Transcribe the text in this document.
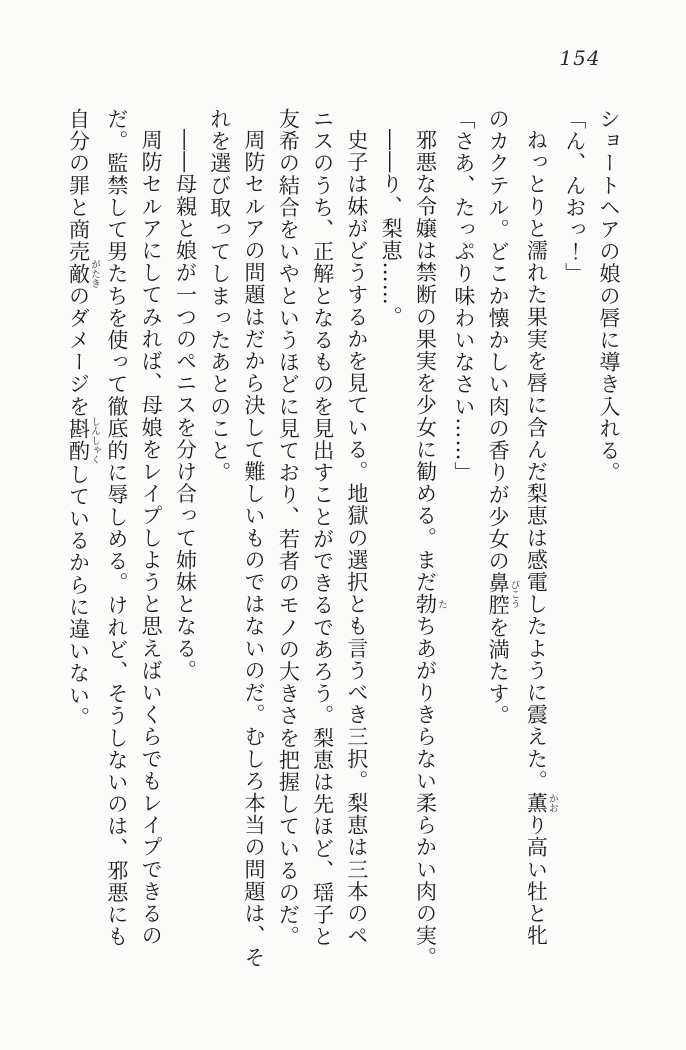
154
ショートヘアの娘の唇に導き入れる。
「ん、んおっ！」
ねっとりと濡れた果実を唇に含んだ梨恵は感電したように震えた。薫かおり高い牡と牝
のカクテル。どこか懐かしい肉の香りが少女の鼻腔びこうを満たす。
「さあ、たっぷり味わいなさい……」
邪悪な令嬢は禁断の果実を少女に勧める。まだ勃たちあがりきらない柔らかい肉の実。
――り、梨恵……。
史子は妹がどうするかを見ている。地獄の選択とも言うべき三択。梨恵は三本のペ
ニスのうち、正解となるものを見出すことができるであろう。梨恵は先ほど、瑶子と
友希の結合をいやというほどに見ており、若者のモノの大きさを把握しているのだ。
周防セルアの問題はだから決して難しいものではないのだ。むしろ本当の問題は、そ
れを選び取ってしまったあとのこと。
――母親と娘が一つのペニスを分け合って姉妹となる。
周防セルアにしてみれば、母娘をレイプしようと思えばいくらでもレイプできるの
だ。監禁して男たちを使って徹底的に辱しめる。けれど、そうしないのは、邪悪にも
自分の罪と商売敵がたきのダメージを斟酌しんしゃくしているからに違いない。
